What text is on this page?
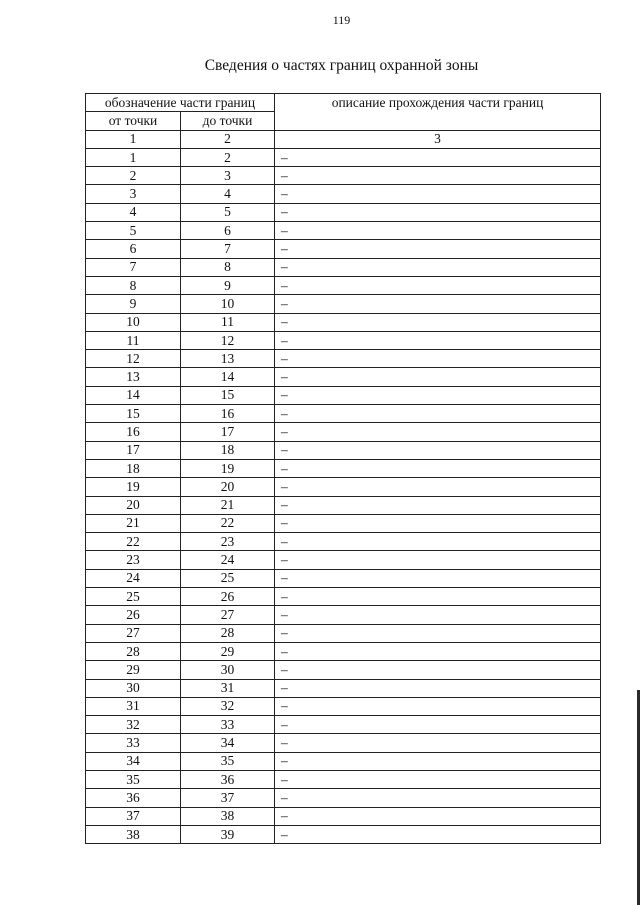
119
Сведения о частях границ охранной зоны
обозначение части границ		описание прохождения части границ
от точки	до точки	
1	2	3
1	2	–
2	3	–
3	4	–
4	5	–
5	6	–
6	7	–
7	8	–
8	9	–
9	10	–
10	11	–
11	12	–
12	13	–
13	14	–
14	15	–
15	16	–
16	17	–
17	18	–
18	19	–
19	20	–
20	21	–
21	22	–
22	23	–
23	24	–
24	25	–
25	26	–
26	27	–
27	28	–
28	29	–
29	30	–
30	31	–
31	32	–
32	33	–
33	34	–
34	35	–
35	36	–
36	37	–
37	38	–
38	39	–
